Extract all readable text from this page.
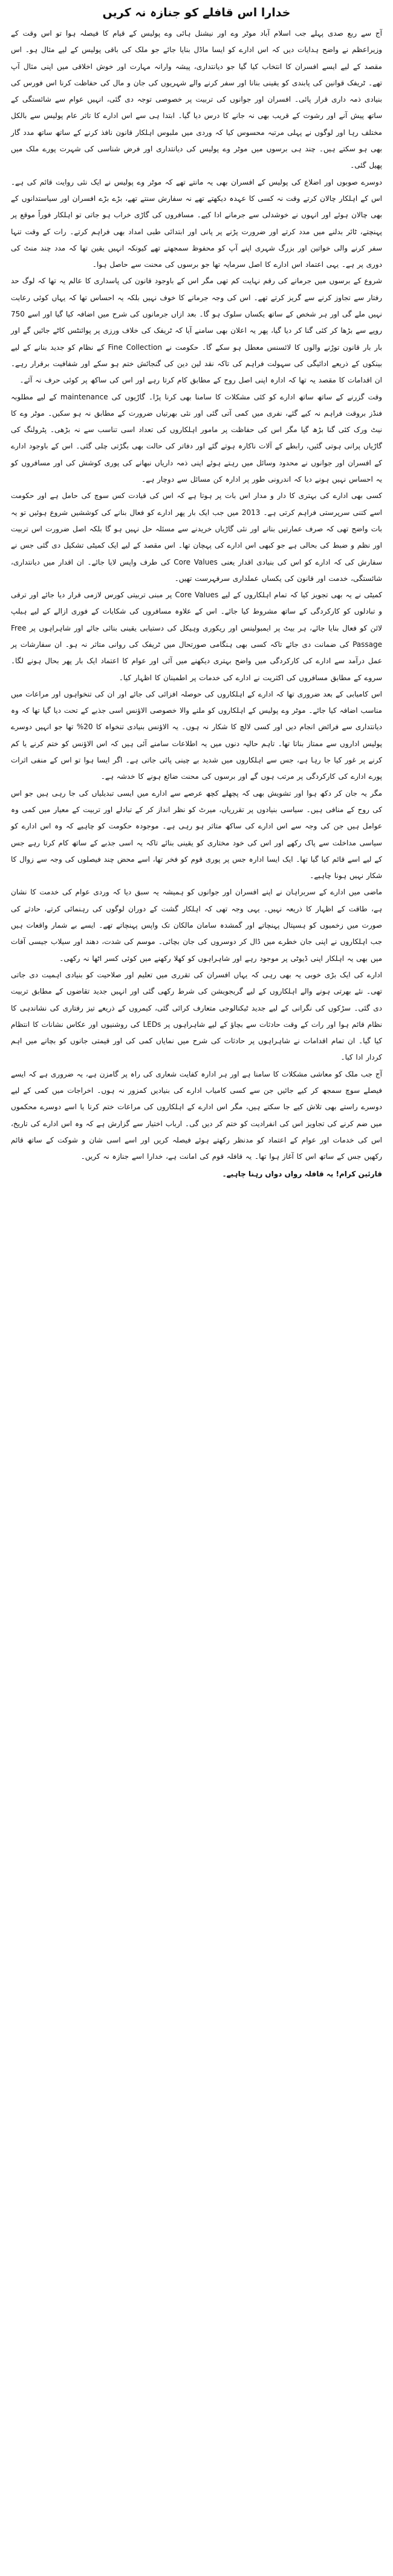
خدارا اس قافلے کو جنازہ نہ کریں

آج سے ربع صدی پہلے جب اسلام آباد موٹر وے اور نیشنل ہائی وے پولیس کے قیام کا فیصلہ ہوا تو اس وقت کے وزیراعظم نے واضح ہدایات دیں کہ اس ادارے کو ایسا ماڈل بنایا جائے جو ملک کی باقی پولیس کے لیے مثال ہو۔ اس مقصد کے لیے ایسے افسران کا انتخاب کیا گیا جو دیانتداری، پیشہ وارانہ مہارت اور خوش اخلاقی میں اپنی مثال آپ تھے۔ ٹریفک قوانین کی پابندی کو یقینی بنانا اور سفر کرنے والے شہریوں کی جان و مال کی حفاظت کرنا اس فورس کی بنیادی ذمہ داری قرار پائی۔ افسران اور جوانوں کی تربیت پر خصوصی توجہ دی گئی، انہیں عوام سے شائستگی کے ساتھ پیش آنے اور رشوت کے قریب بھی نہ جانے کا درس دیا گیا۔ ابتدا ہی سے اس ادارے کا تاثر عام پولیس سے بالکل مختلف رہا اور لوگوں نے پہلی مرتبہ محسوس کیا کہ وردی میں ملبوس اہلکار قانون نافذ کرنے کے ساتھ ساتھ مدد گار بھی ہو سکتے ہیں۔ چند ہی برسوں میں موٹر وے پولیس کی دیانتداری اور فرض شناسی کی شہرت پورے ملک میں پھیل گئی۔

دوسرے صوبوں اور اضلاع کی پولیس کے افسران بھی یہ مانتے تھے کہ موٹر وے پولیس نے ایک نئی روایت قائم کی ہے۔ اس کے اہلکار چالان کرتے وقت نہ کسی کا عہدہ دیکھتے تھے نہ سفارش سنتے تھے، بڑے بڑے افسران اور سیاستدانوں کے بھی چالان ہوئے اور انہوں نے خوشدلی سے جرمانے ادا کیے۔ مسافروں کی گاڑی خراب ہو جاتی تو اہلکار فوراً موقع پر پہنچتے، ٹائر بدلنے میں مدد کرتے اور ضرورت پڑنے پر پانی اور ابتدائی طبی امداد بھی فراہم کرتے۔ رات کے وقت تنہا سفر کرنے والی خواتین اور بزرگ شہری اپنے آپ کو محفوظ سمجھتے تھے کیونکہ انہیں یقین تھا کہ مدد چند منٹ کی دوری پر ہے۔ یہی اعتماد اس ادارے کا اصل سرمایہ تھا جو برسوں کی محنت سے حاصل ہوا۔

شروع کے برسوں میں جرمانے کی رقم نہایت کم تھی مگر اس کے باوجود قانون کی پاسداری کا عالم یہ تھا کہ لوگ حد رفتار سے تجاوز کرنے سے گریز کرتے تھے۔ اس کی وجہ جرمانے کا خوف نہیں بلکہ یہ احساس تھا کہ یہاں کوئی رعایت نہیں ملے گی اور ہر شخص کے ساتھ یکساں سلوک ہو گا۔ بعد ازاں جرمانوں کی شرح میں اضافہ کیا گیا اور اسے 750 روپے سے بڑھا کر کئی گنا کر دیا گیا، پھر یہ اعلان بھی سامنے آیا کہ ٹریفک کی خلاف ورزی پر پوائنٹس کاٹے جائیں گے اور بار بار قانون توڑنے والوں کا لائسنس معطل ہو سکے گا۔ حکومت نے Fine Collection کے نظام کو جدید بنانے کے لیے بینکوں کے ذریعے ادائیگی کی سہولت فراہم کی تاکہ نقد لین دین کی گنجائش ختم ہو سکے اور شفافیت برقرار رہے۔ ان اقدامات کا مقصد یہ تھا کہ ادارہ اپنی اصل روح کے مطابق کام کرتا رہے اور اس کی ساکھ پر کوئی حرف نہ آئے۔

وقت گزرنے کے ساتھ ساتھ ادارے کو کئی مشکلات کا سامنا بھی کرنا پڑا۔ گاڑیوں کی maintenance کے لیے مطلوبہ فنڈز بروقت فراہم نہ کیے گئے، نفری میں کمی آتی گئی اور نئی بھرتیاں ضرورت کے مطابق نہ ہو سکیں۔ موٹر وے کا نیٹ ورک کئی گنا بڑھ گیا مگر اس کی حفاظت پر مامور اہلکاروں کی تعداد اسی تناسب سے نہ بڑھی۔ پٹرولنگ کی گاڑیاں پرانی ہوتی گئیں، رابطے کے آلات ناکارہ ہوتے گئے اور دفاتر کی حالت بھی بگڑتی چلی گئی۔ اس کے باوجود ادارے کے افسران اور جوانوں نے محدود وسائل میں رہتے ہوئے اپنی ذمہ داریاں نبھانے کی پوری کوشش کی اور مسافروں کو یہ احساس نہیں ہونے دیا کہ اندرونی طور پر ادارہ کن مسائل سے دوچار ہے۔

کسی بھی ادارے کی بہتری کا دار و مدار اس بات پر ہوتا ہے کہ اس کی قیادت کس سوچ کی حامل ہے اور حکومت اسے کتنی سرپرستی فراہم کرتی ہے۔ 2013 میں جب ایک بار پھر ادارے کو فعال بنانے کی کوششیں شروع ہوئیں تو یہ بات واضح تھی کہ صرف عمارتیں بنانے اور نئی گاڑیاں خریدنے سے مسئلہ حل نہیں ہو گا بلکہ اصل ضرورت اس تربیت اور نظم و ضبط کی بحالی ہے جو کبھی اس ادارے کی پہچان تھا۔ اس مقصد کے لیے ایک کمیٹی تشکیل دی گئی جس نے سفارش کی کہ ادارے کو اس کی بنیادی اقدار یعنی Core Values کی طرف واپس لایا جائے۔ ان اقدار میں دیانتداری، شائستگی، خدمت اور قانون کی یکساں عملداری سرفہرست تھیں۔

کمیٹی نے یہ بھی تجویز کیا کہ تمام اہلکاروں کے لیے Core Values پر مبنی تربیتی کورس لازمی قرار دیا جائے اور ترقی و تبادلوں کو کارکردگی کے ساتھ مشروط کیا جائے۔ اس کے علاوہ مسافروں کی شکایات کے فوری ازالے کے لیے ہیلپ لائن کو فعال بنایا جائے، ہر بیٹ پر ایمبولینس اور ریکوری وہیکل کی دستیابی یقینی بنائی جائے اور شاہراہوں پر Free Passage کی ضمانت دی جائے تاکہ کسی بھی ہنگامی صورتحال میں ٹریفک کی روانی متاثر نہ ہو۔ ان سفارشات پر عمل درآمد سے ادارے کی کارکردگی میں واضح بہتری دیکھنے میں آئی اور عوام کا اعتماد ایک بار پھر بحال ہونے لگا۔ سروے کے مطابق مسافروں کی اکثریت نے ادارے کی خدمات پر اطمینان کا اظہار کیا۔

اس کامیابی کے بعد ضروری تھا کہ ادارے کے اہلکاروں کی حوصلہ افزائی کی جائے اور ان کی تنخواہوں اور مراعات میں مناسب اضافہ کیا جائے۔ موٹر وے پولیس کے اہلکاروں کو ملنے والا خصوصی الاؤنس اسی جذبے کے تحت دیا گیا تھا کہ وہ دیانتداری سے فرائض انجام دیں اور کسی لالچ کا شکار نہ ہوں۔ یہ الاؤنس بنیادی تنخواہ کا 20% تھا جو انہیں دوسرے پولیس اداروں سے ممتاز بناتا تھا۔ تاہم حالیہ دنوں میں یہ اطلاعات سامنے آئی ہیں کہ اس الاؤنس کو ختم کرنے یا کم کرنے پر غور کیا جا رہا ہے، جس سے اہلکاروں میں شدید بے چینی پائی جاتی ہے۔ اگر ایسا ہوا تو اس کے منفی اثرات پورے ادارے کی کارکردگی پر مرتب ہوں گے اور برسوں کی محنت ضائع ہونے کا خدشہ ہے۔

مگر یہ جان کر دکھ ہوا اور تشویش بھی کہ پچھلے کچھ عرصے سے ادارے میں ایسی تبدیلیاں کی جا رہی ہیں جو اس کی روح کے منافی ہیں۔ سیاسی بنیادوں پر تقرریاں، میرٹ کو نظر انداز کر کے تبادلے اور تربیت کے معیار میں کمی وہ عوامل ہیں جن کی وجہ سے اس ادارے کی ساکھ متاثر ہو رہی ہے۔ موجودہ حکومت کو چاہیے کہ وہ اس ادارے کو سیاسی مداخلت سے پاک رکھے اور اس کی خود مختاری کو یقینی بنائے تاکہ یہ اسی جذبے کے ساتھ کام کرتا رہے جس کے لیے اسے قائم کیا گیا تھا۔ ایک ایسا ادارہ جس پر پوری قوم کو فخر تھا، اسے محض چند فیصلوں کی وجہ سے زوال کا شکار نہیں ہونا چاہیے۔

ماضی میں ادارے کے سربراہان نے اپنے افسران اور جوانوں کو ہمیشہ یہ سبق دیا کہ وردی عوام کی خدمت کا نشان ہے، طاقت کے اظہار کا ذریعہ نہیں۔ یہی وجہ تھی کہ اہلکار گشت کے دوران لوگوں کی رہنمائی کرتے، حادثے کی صورت میں زخمیوں کو ہسپتال پہنچاتے اور گمشدہ سامان مالکان تک واپس پہنچاتے تھے۔ ایسے بے شمار واقعات ہیں جب اہلکاروں نے اپنی جان خطرے میں ڈال کر دوسروں کی جان بچائی۔ موسم کی شدت، دھند اور سیلاب جیسی آفات میں بھی یہ اہلکار اپنی ڈیوٹی پر موجود رہے اور شاہراہوں کو کھلا رکھنے میں کوئی کسر اٹھا نہ رکھی۔

ادارے کی ایک بڑی خوبی یہ بھی رہی کہ یہاں افسران کی تقرری میں تعلیم اور صلاحیت کو بنیادی اہمیت دی جاتی تھی۔ نئے بھرتی ہونے والے اہلکاروں کے لیے گریجویشن کی شرط رکھی گئی اور انہیں جدید تقاضوں کے مطابق تربیت دی گئی۔ سڑکوں کی نگرانی کے لیے جدید ٹیکنالوجی متعارف کرائی گئی، کیمروں کے ذریعے تیز رفتاری کی نشاندہی کا نظام قائم ہوا اور رات کے وقت حادثات سے بچاؤ کے لیے شاہراہوں پر LEDs کی روشنیوں اور عکاس نشانات کا انتظام کیا گیا۔ ان تمام اقدامات نے شاہراہوں پر حادثات کی شرح میں نمایاں کمی کی اور قیمتی جانوں کو بچانے میں اہم کردار ادا کیا۔

آج جب ملک کو معاشی مشکلات کا سامنا ہے اور ہر ادارہ کفایت شعاری کی راہ پر گامزن ہے، یہ ضروری ہے کہ ایسے فیصلے سوچ سمجھ کر کیے جائیں جن سے کسی کامیاب ادارے کی بنیادیں کمزور نہ ہوں۔ اخراجات میں کمی کے لیے دوسرے راستے بھی تلاش کیے جا سکتے ہیں، مگر اس ادارے کے اہلکاروں کی مراعات ختم کرنا یا اسے دوسرے محکموں میں ضم کرنے کی تجاویز اس کی انفرادیت کو ختم کر دیں گی۔ ارباب اختیار سے گزارش ہے کہ وہ اس ادارے کی تاریخ، اس کی خدمات اور عوام کے اعتماد کو مدنظر رکھتے ہوئے فیصلہ کریں اور اسے اسی شان و شوکت کے ساتھ قائم رکھیں جس کے ساتھ اس کا آغاز ہوا تھا۔ یہ قافلہ قوم کی امانت ہے، خدارا اسے جنازہ نہ کریں۔

قارئین کرام! یہ قافلہ رواں دواں رہنا چاہیے۔
